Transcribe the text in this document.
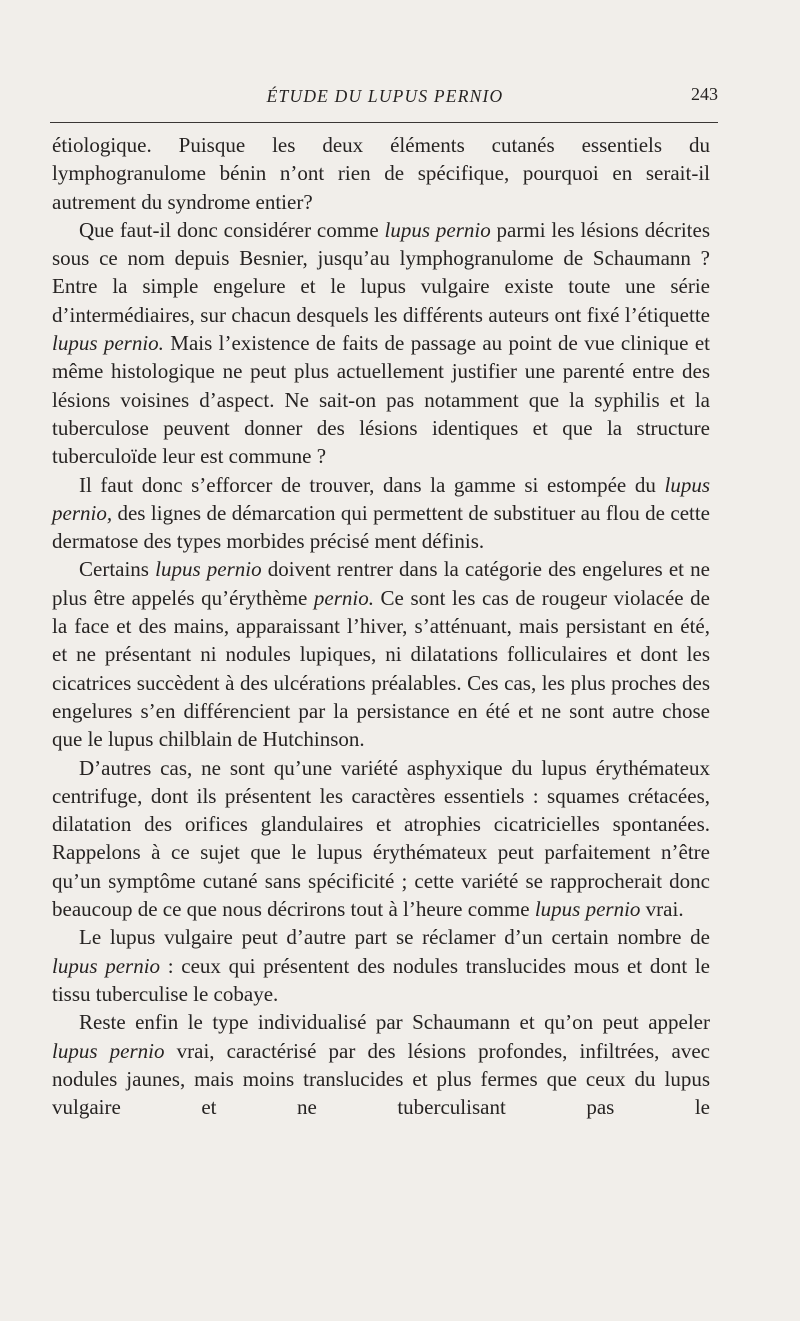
ÉTUDE DU LUPUS PERNIO	243

étiologique. Puisque les deux éléments cutanés essentiels du lymphogranulome bénin n’ont rien de spécifique, pourquoi en serait-il autrement du syndrome entier?

Que faut-il donc considérer comme lupus pernio parmi les lésions décrites sous ce nom depuis Besnier, jusqu’au lymphogranulome de Schaumann ? Entre la simple engelure et le lupus vulgaire existe toute une série d’intermédiaires, sur chacun desquels les différents auteurs ont fixé l’étiquette lupus pernio. Mais l’existence de faits de passage au point de vue clinique et même histologique ne peut plus actuellement justifier une parenté entre des lésions voisines d’aspect. Ne sait-on pas notamment que la syphilis et la tuberculose peuvent donner des lésions identiques et que la structure tuberculoïde leur est commune ?

Il faut donc s’efforcer de trouver, dans la gamme si estompée du lupus pernio, des lignes de démarcation qui permettent de substituer au flou de cette dermatose des types morbides précisé ment définis.

Certains lupus pernio doivent rentrer dans la catégorie des engelures et ne plus être appelés qu’érythème pernio. Ce sont les cas de rougeur violacée de la face et des mains, apparaissant l’hiver, s’atténuant, mais persistant en été, et ne présentant ni nodules lupiques, ni dilatations folliculaires et dont les cicatrices succèdent à des ulcérations préalables. Ces cas, les plus proches des engelures s’en différencient par la persistance en été et ne sont autre chose que le lupus chilblain de Hutchinson.

D’autres cas, ne sont qu’une variété asphyxique du lupus érythémateux centrifuge, dont ils présentent les caractères essentiels : squames crétacées, dilatation des orifices glandulaires et atrophies cicatricielles spontanées. Rappelons à ce sujet que le lupus érythémateux peut parfaitement n’être qu’un symptôme cutané sans spécificité ; cette variété se rapprocherait donc beaucoup de ce que nous décrirons tout à l’heure comme lupus pernio vrai.

Le lupus vulgaire peut d’autre part se réclamer d’un certain nombre de lupus pernio : ceux qui présentent des nodules translucides mous et dont le tissu tuberculise le cobaye.

Reste enfin le type individualisé par Schaumann et qu’on peut appeler lupus pernio vrai, caractérisé par des lésions profondes, infiltrées, avec nodules jaunes, mais moins translucides et plus fermes que ceux du lupus vulgaire et ne tuberculisant pas le
